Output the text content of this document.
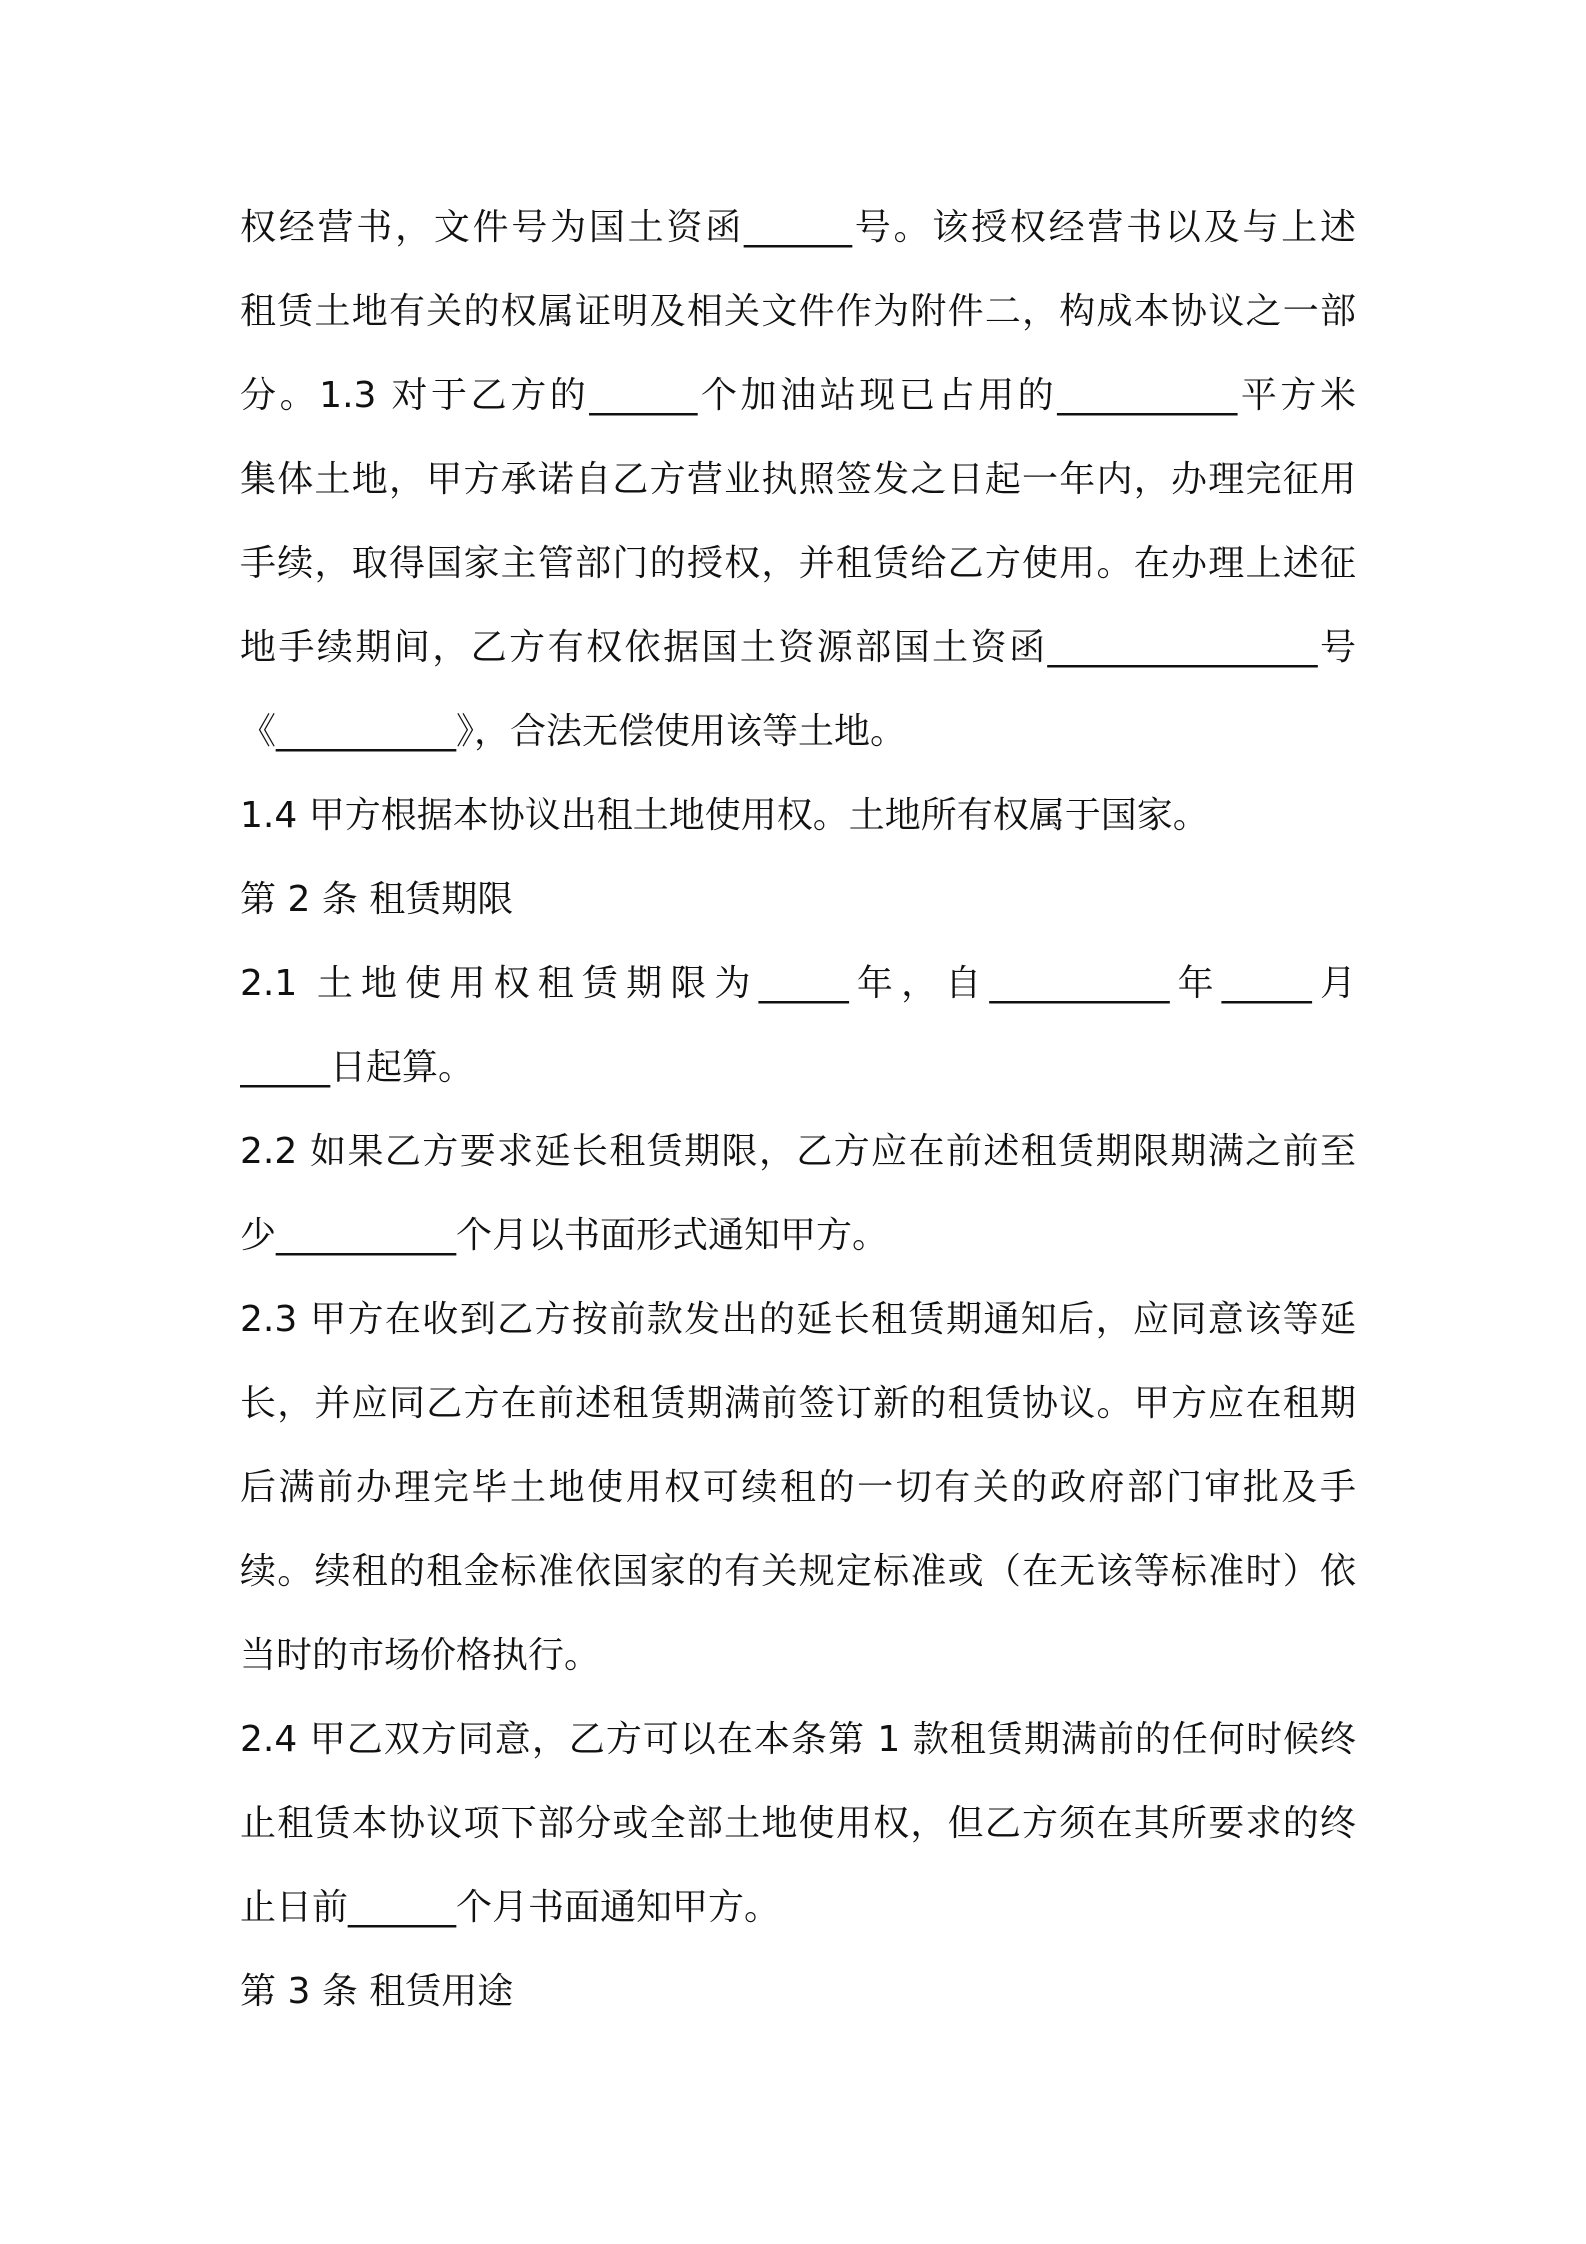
权经营书，文件号为国土资函______号。该授权经营书以及与上述
租赁土地有关的权属证明及相关文件作为附件二，构成本协议之一部
分。1.3 对于乙方的______个加油站现已占用的__________平方米
集体土地，甲方承诺自乙方营业执照签发之日起一年内，办理完征用
手续，取得国家主管部门的授权，并租赁给乙方使用。在办理上述征
地手续期间，乙方有权依据国土资源部国土资函_______________号
《__________》，合法无偿使用该等土地。
1.4 甲方根据本协议出租土地使用权。土地所有权属于国家。
第 2 条 租赁期限
2.1 土地使用权租赁期限为_____年，自__________年_____月
_____日起算。
2.2 如果乙方要求延长租赁期限，乙方应在前述租赁期限期满之前至
少__________个月以书面形式通知甲方。
2.3 甲方在收到乙方按前款发出的延长租赁期通知后，应同意该等延
长，并应同乙方在前述租赁期满前签订新的租赁协议。甲方应在租期
后满前办理完毕土地使用权可续租的一切有关的政府部门审批及手
续。续租的租金标准依国家的有关规定标准或（在无该等标准时）依
当时的市场价格执行。
2.4 甲乙双方同意，乙方可以在本条第 1 款租赁期满前的任何时候终
止租赁本协议项下部分或全部土地使用权，但乙方须在其所要求的终
止日前______个月书面通知甲方。
第 3 条 租赁用途
